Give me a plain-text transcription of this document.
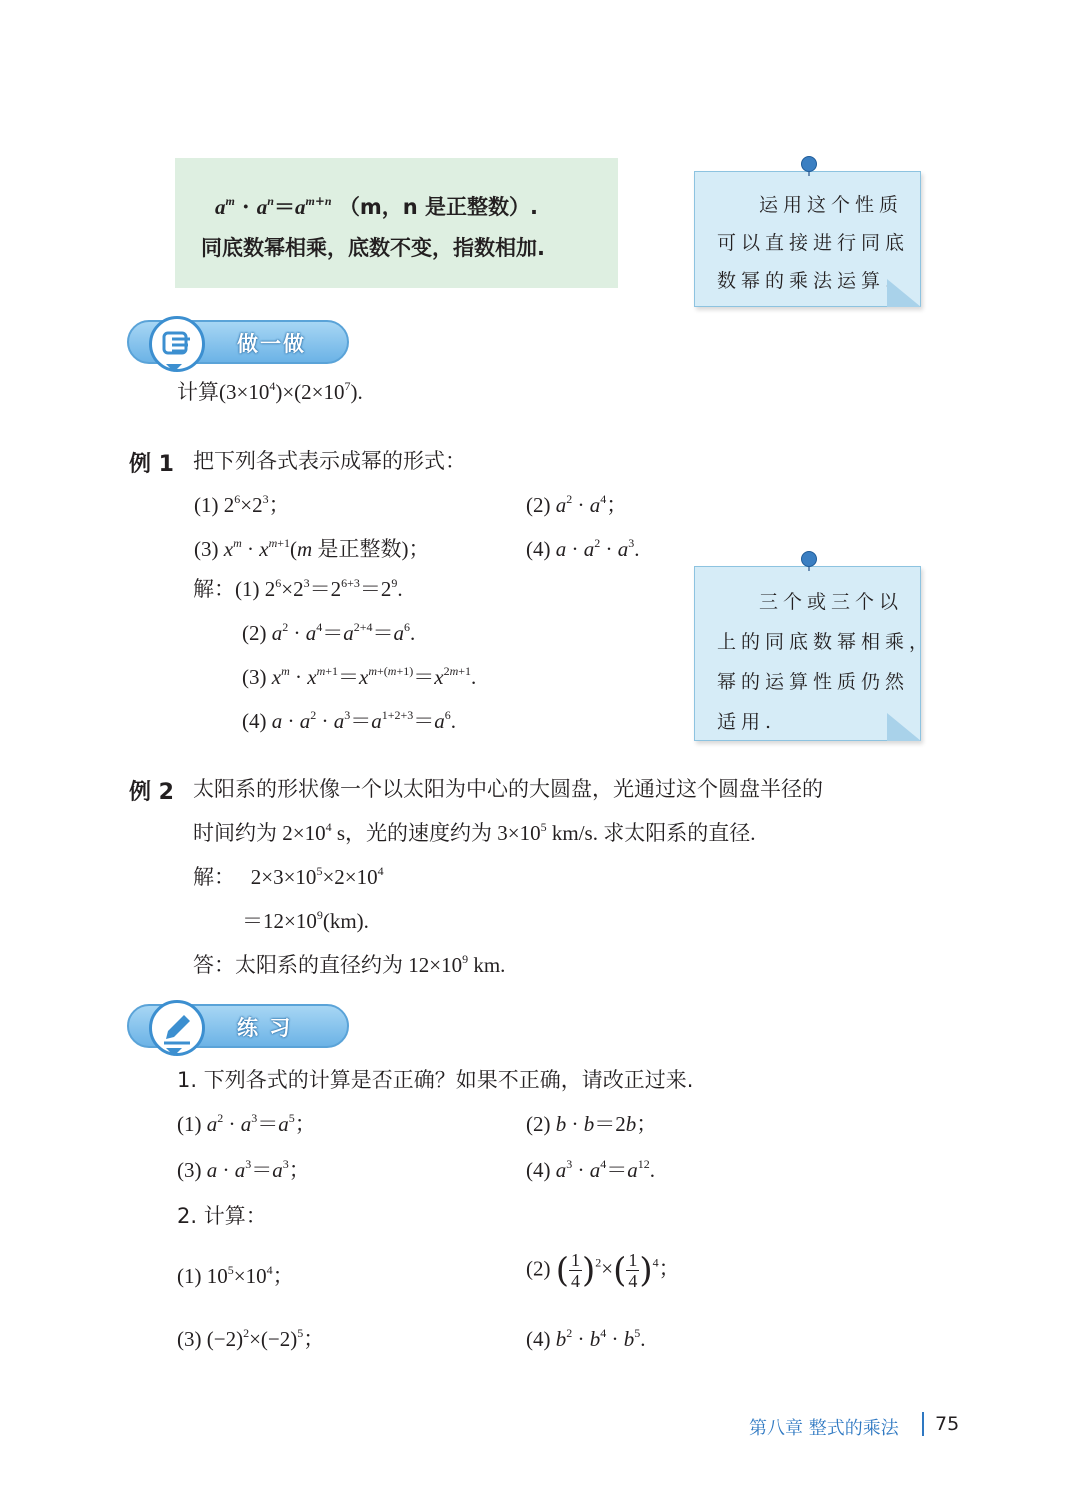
$a^m \cdot a^n=a^{m+n}$ （m，n 是正整数）.
同底数幂相乘，底数不变，指数相加.
运用这个性质
可以直接进行同底
数幂的乘法运算.
做一做
计算$(3\times 10^4)\times(2\times 10^7)$.
例 1 把下列各式表示成幂的形式：
(1) $2^6\times 2^3$；	(2) $a^2 \cdot a^4$；
(3) $x^m \cdot x^{m+1}(m$ 是正整数)；	(4) $a \cdot a^2 \cdot a^3$.
解：(1) $2^6\times 2^3=2^{6+3}=2^9$.
(2) $a^2 \cdot a^4=a^{2+4}=a^6$.
(3) $x^m \cdot x^{m+1}=x^{m+(m+1)}=x^{2m+1}$.
(4) $a \cdot a^2 \cdot a^3=a^{1+2+3}=a^6$.
三个或三个以
上的同底数幂相乘，
幂的运算性质仍然
适用.
例 2 太阳系的形状像一个以太阳为中心的大圆盘，光通过这个圆盘半径的
时间约为 $2\times 10^4$ s，光的速度约为 $3\times 10^5$ km/s. 求太阳系的直径.
解：   $2\times 3\times 10^5\times 2\times 10^4$
$=12\times 10^9(km)$.
答：太阳系的直径约为 $12\times 10^9$ km.
练 习
1. 下列各式的计算是否正确？如果不正确，请改正过来.
(1) $a^2 \cdot a^3=a^5$；	(2) b · b＝2b；
(3) $a \cdot a^3=a^3$；	(4) $a^3 \cdot a^4=a^{12}$.
2. 计算：
(1) $10^5\times 10^4$；	(2) ( $\frac{1}{4} )^2\times( \frac{1}{4} )^4$；
(3) $(-2)^2\times(-2)^5$；	(4) $b^2 \cdot b^4 \cdot b^5$.
第八章 整式的乘法 75
